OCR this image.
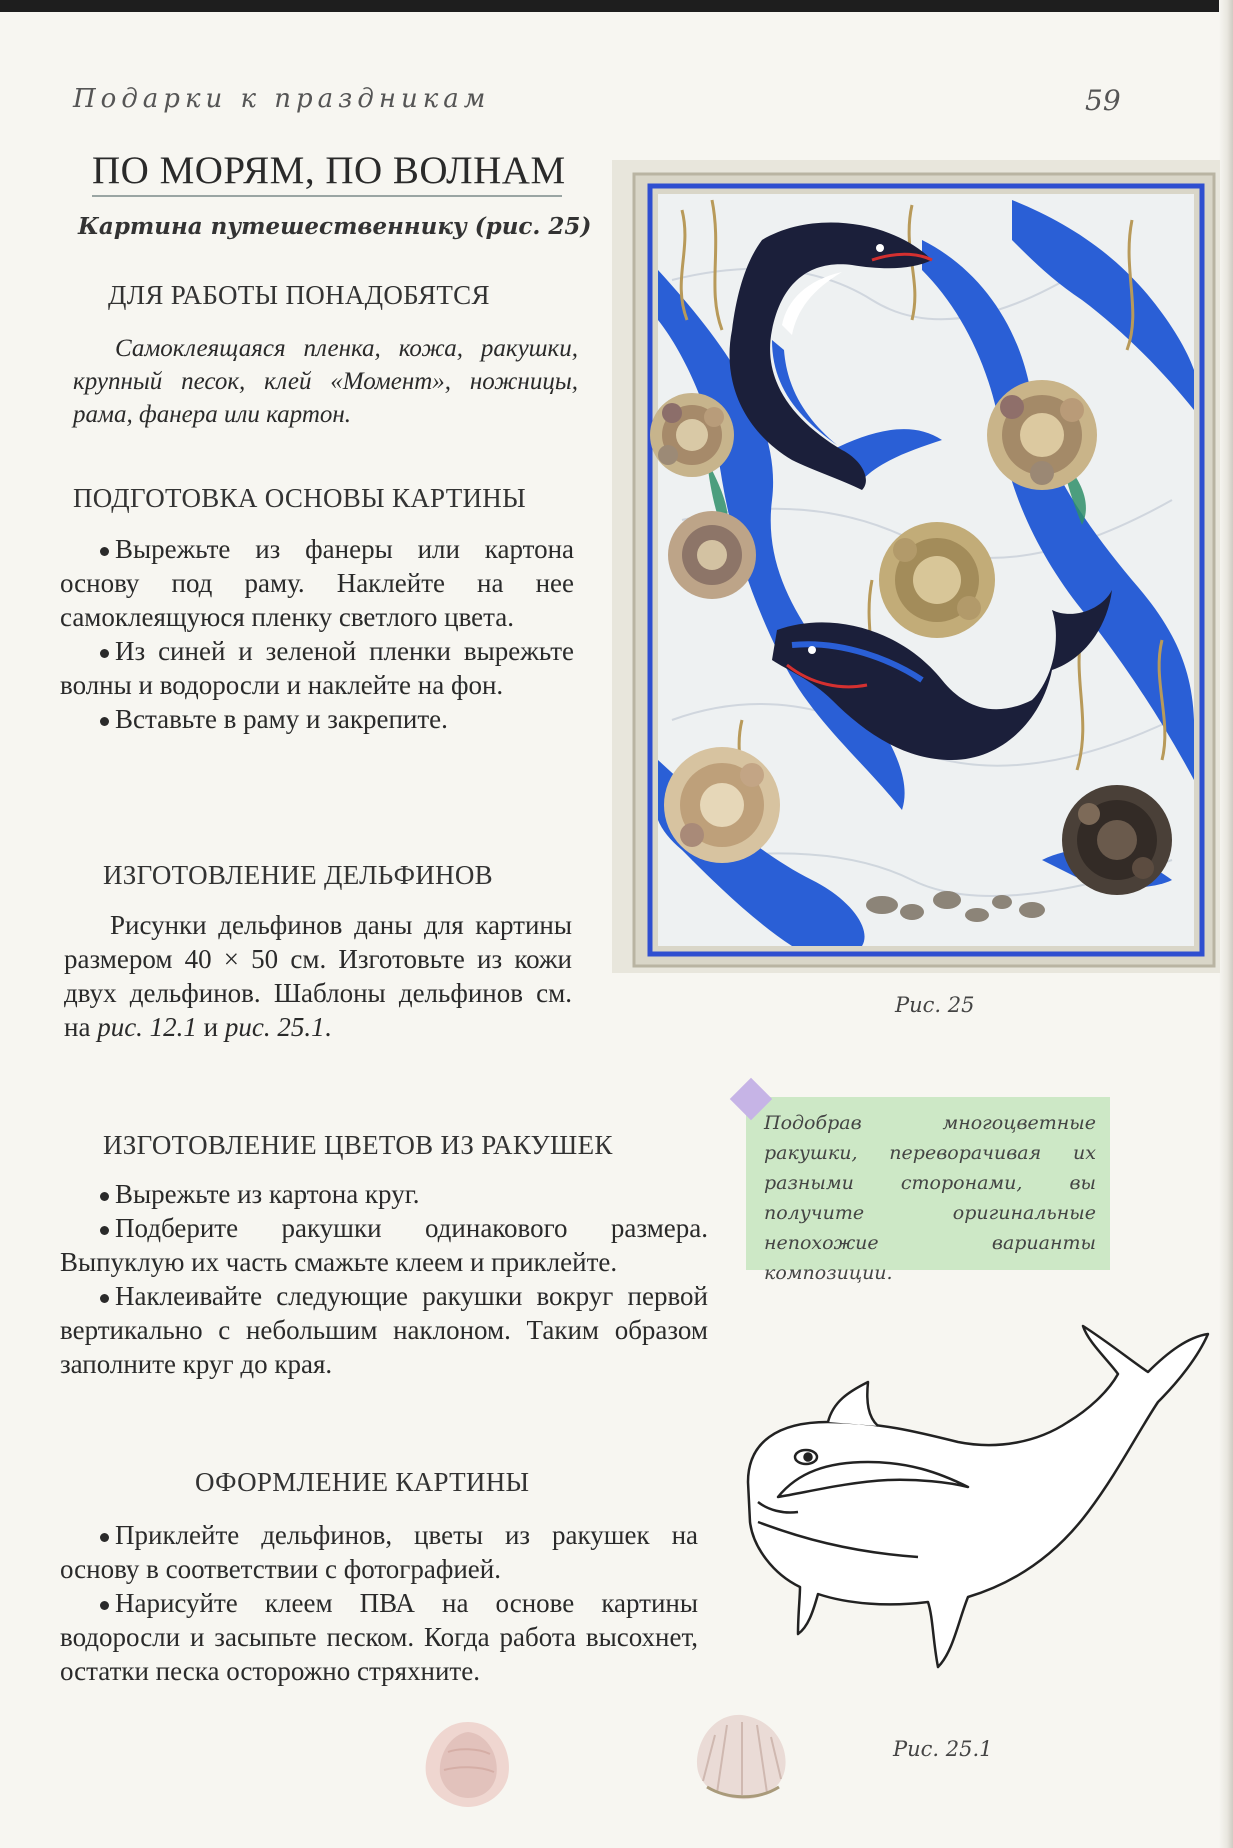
Подарки к праздникам	59
ПО МОРЯМ, ПО ВОЛНАМ
Картина путешественнику (рис. 25)
ДЛЯ РАБОТЫ ПОНАДОБЯТСЯ

Самоклеящаяся пленка, кожа, ракушки, крупный песок, клей «Момент», ножницы, рама, фанера или картон.

ПОДГОТОВКА ОСНОВЫ КАРТИНЫ
Вырежьте из фанеры или картона основу под раму. Наклейте на нее самоклеящуюся пленку светлого цвета.
Из синей и зеленой пленки вырежьте волны и водоросли и наклейте на фон.
Вставьте в раму и закрепите.
ИЗГОТОВЛЕНИЕ ДЕЛЬФИНОВ

Рисунки дельфинов даны для картины размером 40 × 50 см. Изготовьте из кожи двух дельфинов. Шаблоны дельфинов см. на рис. 12.1 и рис. 25.1.

ИЗГОТОВЛЕНИЕ ЦВЕТОВ ИЗ РАКУШЕК
Вырежьте из картона круг.
Подберите ракушки одинакового размера. Выпуклую их часть смажьте клеем и приклейте.
Наклеивайте следующие ракушки вокруг первой вертикально с небольшим наклоном. Таким образом заполните круг до края.
ОФОРМЛЕНИЕ КАРТИНЫ
Приклейте дельфинов, цветы из ракушек на основу в соответствии с фотографией.
Нарисуйте клеем ПВА на основе картины водоросли и засыпьте песком. Когда работа высохнет, остатки песка осторожно стряхните.
Рис. 25

Подобрав многоцветные ракушки, переворачивая их разными сторонами, вы получите оригинальные непохожие варианты композиции.

Рис. 25.1
